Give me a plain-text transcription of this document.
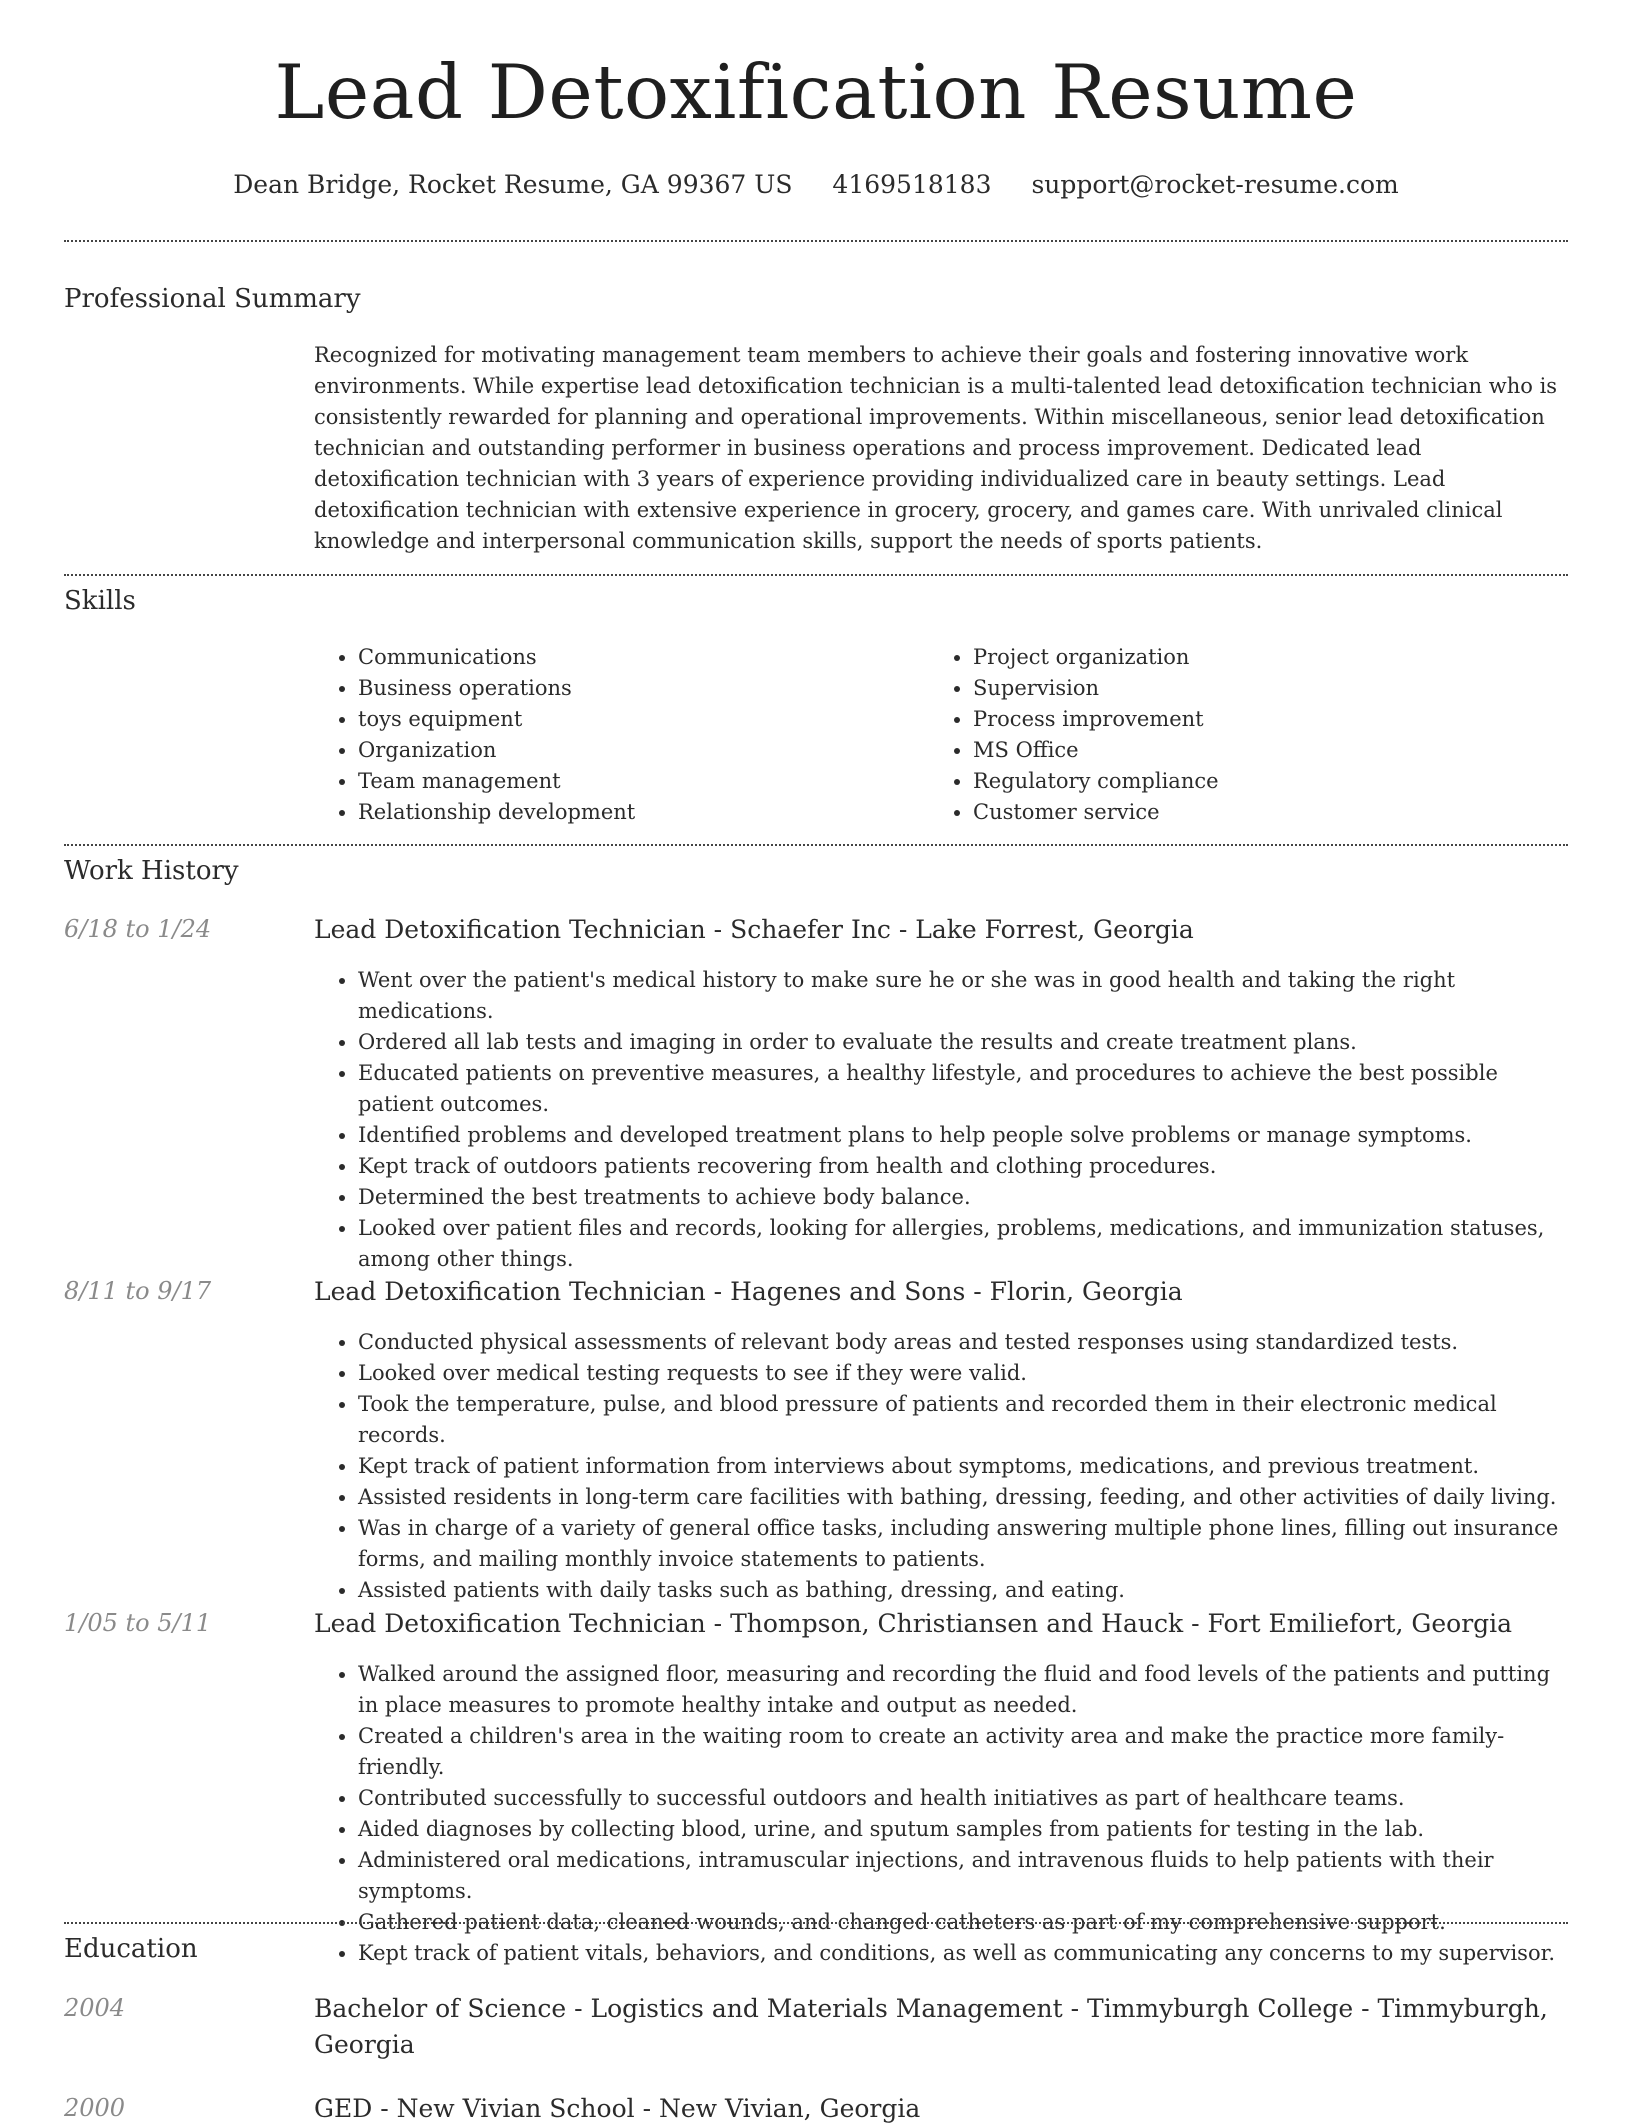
Lead Detoxification Resume
Dean Bridge, Rocket Resume, GA 99367 US 4169518183 support@rocket-resume.com
Professional Summary

Recognized for motivating management team members to achieve their goals and fostering innovative work environments. While expertise lead detoxification technician is a multi-talented lead detoxification technician who is consistently rewarded for planning and operational improvements. Within miscellaneous, senior lead detoxification technician and outstanding performer in business operations and process improvement. Dedicated lead detoxification technician with 3 years of experience providing individualized care in beauty settings. Lead detoxification technician with extensive experience in grocery, grocery, and games care. With unrivaled clinical knowledge and interpersonal communication skills, support the needs of sports patients.

Skills
• Communications
• Business operations
• toys equipment
• Organization
• Team management
• Relationship development
• Project organization
• Supervision
• Process improvement
• MS Office
• Regulatory compliance
• Customer service
Work History
6/18 to 1/24	Lead Detoxification Technician - Schaefer Inc - Lake Forrest, Georgia
• Went over the patient's medical history to make sure he or she was in good health and taking the right medications.
• Ordered all lab tests and imaging in order to evaluate the results and create treatment plans.
• Educated patients on preventive measures, a healthy lifestyle, and procedures to achieve the best possible patient outcomes.
• Identified problems and developed treatment plans to help people solve problems or manage symptoms.
• Kept track of outdoors patients recovering from health and clothing procedures.
• Determined the best treatments to achieve body balance.
• Looked over patient files and records, looking for allergies, problems, medications, and immunization statuses, among other things.
8/11 to 9/17	Lead Detoxification Technician - Hagenes and Sons - Florin, Georgia
• Conducted physical assessments of relevant body areas and tested responses using standardized tests.
• Looked over medical testing requests to see if they were valid.
• Took the temperature, pulse, and blood pressure of patients and recorded them in their electronic medical records.
• Kept track of patient information from interviews about symptoms, medications, and previous treatment.
• Assisted residents in long-term care facilities with bathing, dressing, feeding, and other activities of daily living.
• Was in charge of a variety of general office tasks, including answering multiple phone lines, filling out insurance forms, and mailing monthly invoice statements to patients.
• Assisted patients with daily tasks such as bathing, dressing, and eating.
1/05 to 5/11	Lead Detoxification Technician - Thompson, Christiansen and Hauck - Fort Emiliefort, Georgia
• Walked around the assigned floor, measuring and recording the fluid and food levels of the patients and putting in place measures to promote healthy intake and output as needed.
• Created a children's area in the waiting room to create an activity area and make the practice more family-friendly.
• Contributed successfully to successful outdoors and health initiatives as part of healthcare teams.
• Aided diagnoses by collecting blood, urine, and sputum samples from patients for testing in the lab.
• Administered oral medications, intramuscular injections, and intravenous fluids to help patients with their symptoms.
• Gathered patient data, cleaned wounds, and changed catheters as part of my comprehensive support.
• Kept track of patient vitals, behaviors, and conditions, as well as communicating any concerns to my supervisor.
Education
2004	Bachelor of Science - Logistics and Materials Management - Timmyburgh College - Timmyburgh, Georgia
2000	GED - New Vivian School - New Vivian, Georgia
